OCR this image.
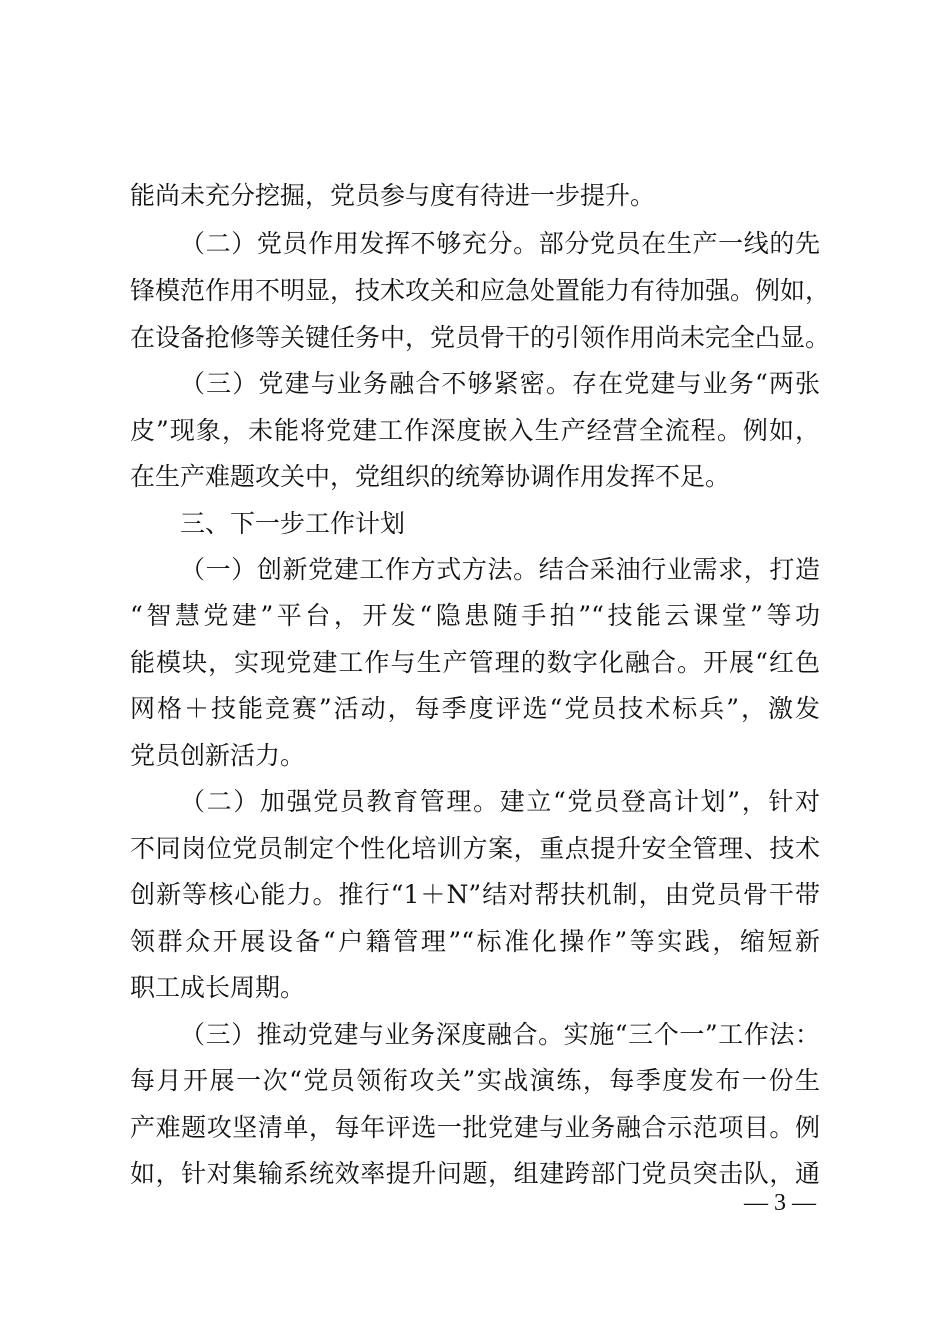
能尚未充分挖掘，党员参与度有待进一步提升。
（二）党员作用发挥不够充分。部分党员在生产一线的先
锋模范作用不明显，技术攻关和应急处置能力有待加强。例如，
在设备抢修等关键任务中，党员骨干的引领作用尚未完全凸显。
（三）党建与业务融合不够紧密。存在党建与业务“两张
皮”现象，未能将党建工作深度嵌入生产经营全流程。例如，
在生产难题攻关中，党组织的统筹协调作用发挥不足。
三、下一步工作计划
（一）创新党建工作方式方法。结合采油行业需求，打造
“智慧党建”平台，开发“隐患随手拍”“技能云课堂”等功
能模块，实现党建工作与生产管理的数字化融合。开展“红色
网格＋技能竞赛”活动，每季度评选“党员技术标兵”，激发
党员创新活力。
（二）加强党员教育管理。建立“党员登高计划”，针对
不同岗位党员制定个性化培训方案，重点提升安全管理、技术
创新等核心能力。推行“1＋N”结对帮扶机制，由党员骨干带
领群众开展设备“户籍管理”“标准化操作”等实践，缩短新
职工成长周期。
（三）推动党建与业务深度融合。实施“三个一”工作法：
每月开展一次“党员领衔攻关”实战演练，每季度发布一份生
产难题攻坚清单，每年评选一批党建与业务融合示范项目。例
如，针对集输系统效率提升问题，组建跨部门党员突击队，通
— 3 —
